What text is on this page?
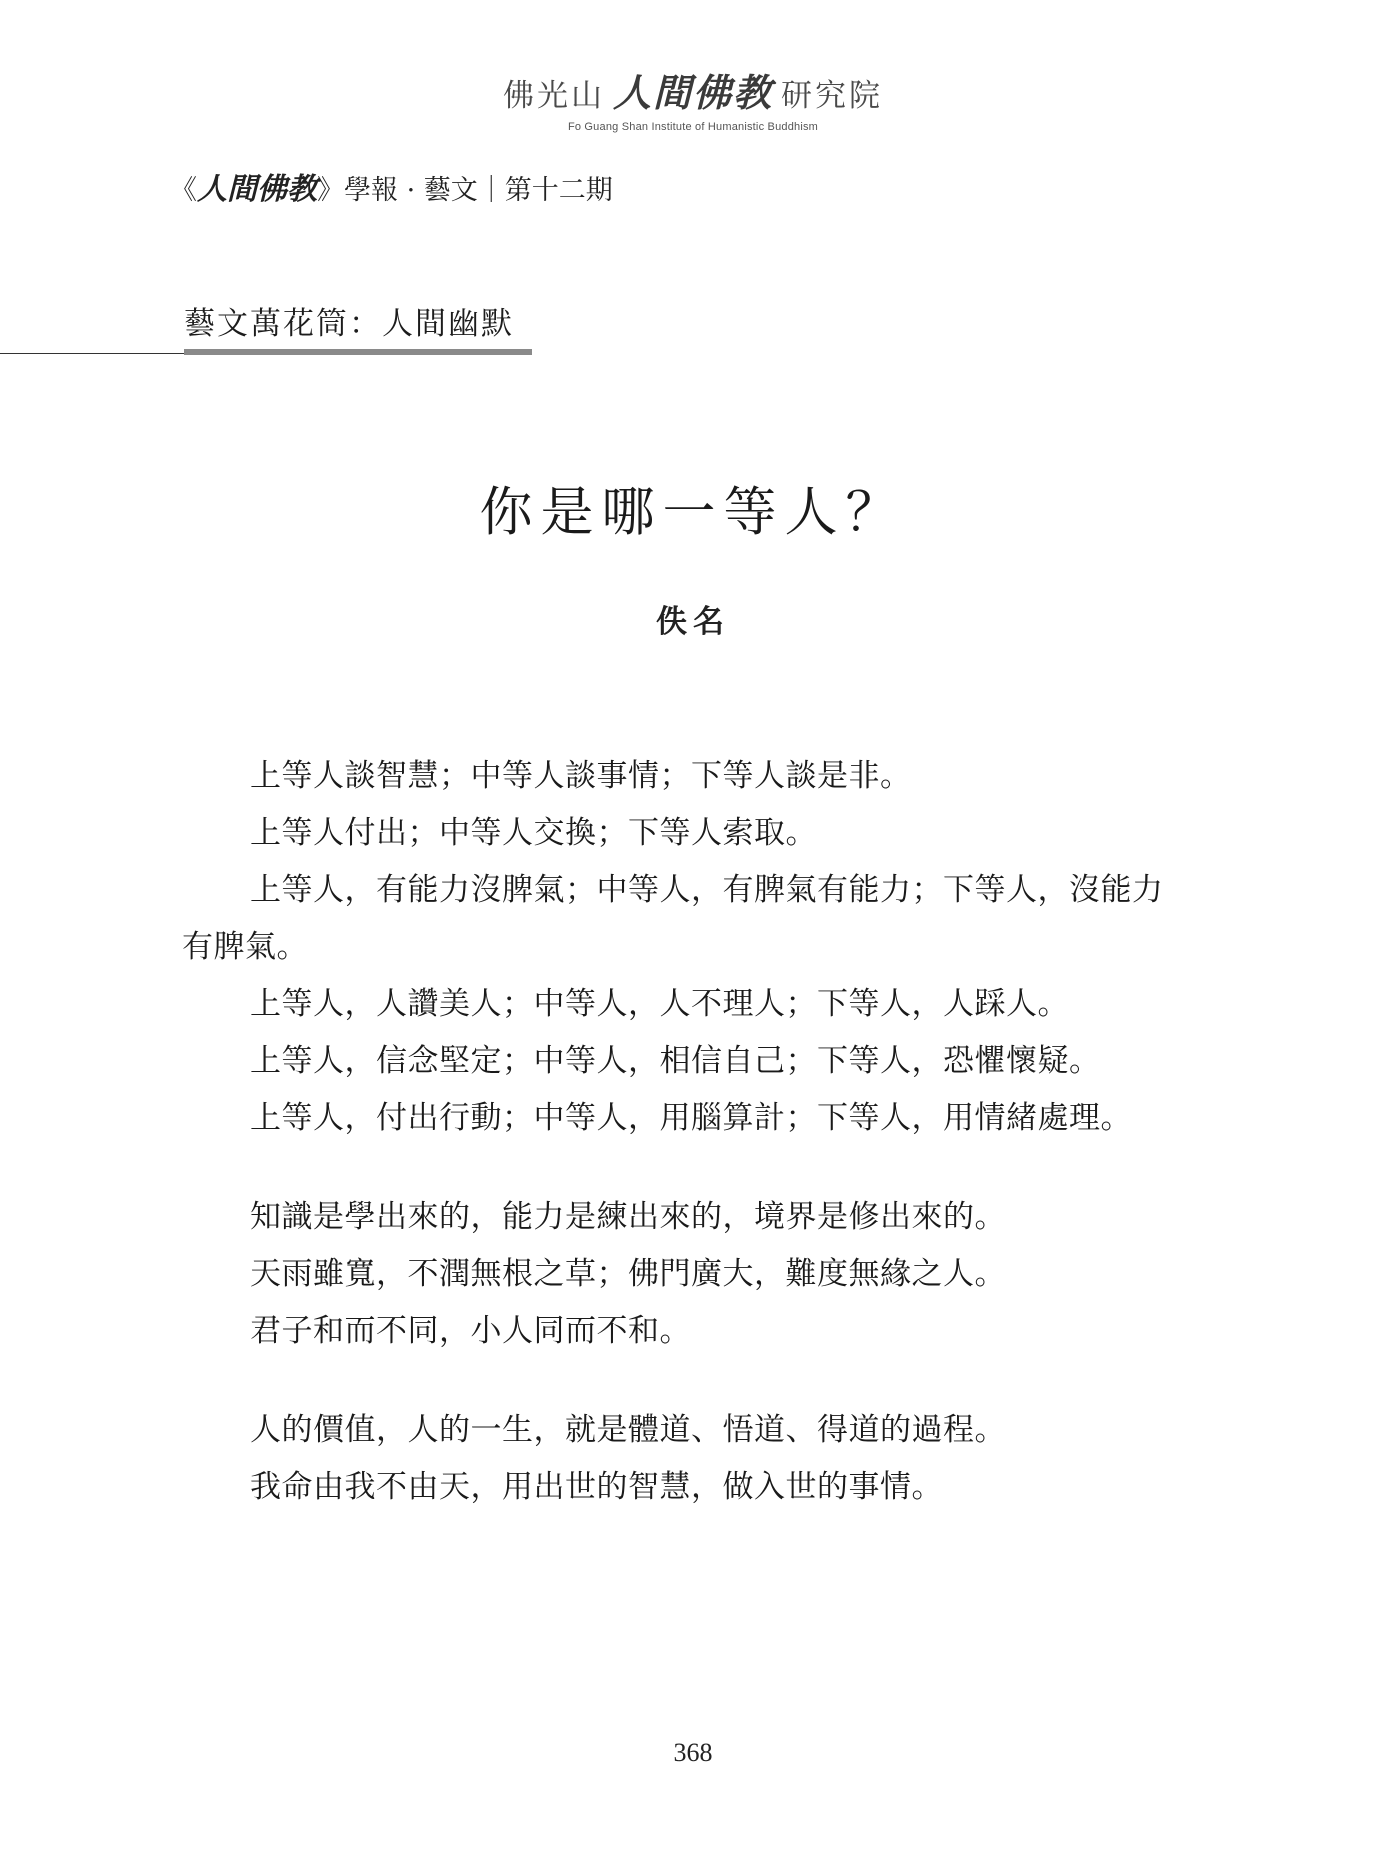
佛光山 人間佛教 研究院
Fo Guang Shan Institute of Humanistic Buddhism
《 人間佛教 》 學報 · 藝文｜第十二期
藝文萬花筒：人間幽默
你是哪一等人？
佚名

上等人談智慧；中等人談事情；下等人談是非。

上等人付出；中等人交換；下等人索取。

上等人，有能力沒脾氣；中等人，有脾氣有能力；下等人，沒能力有脾氣。

上等人，人讚美人；中等人，人不理人；下等人，人踩人。

上等人，信念堅定；中等人，相信自己；下等人，恐懼懷疑。

上等人，付出行動；中等人，用腦算計；下等人，用情緒處理。

知識是學出來的，能力是練出來的，境界是修出來的。

天雨雖寬，不潤無根之草；佛門廣大，難度無緣之人。

君子和而不同，小人同而不和。

人的價值，人的一生，就是體道、悟道、得道的過程。

我命由我不由天，用出世的智慧，做入世的事情。

368
